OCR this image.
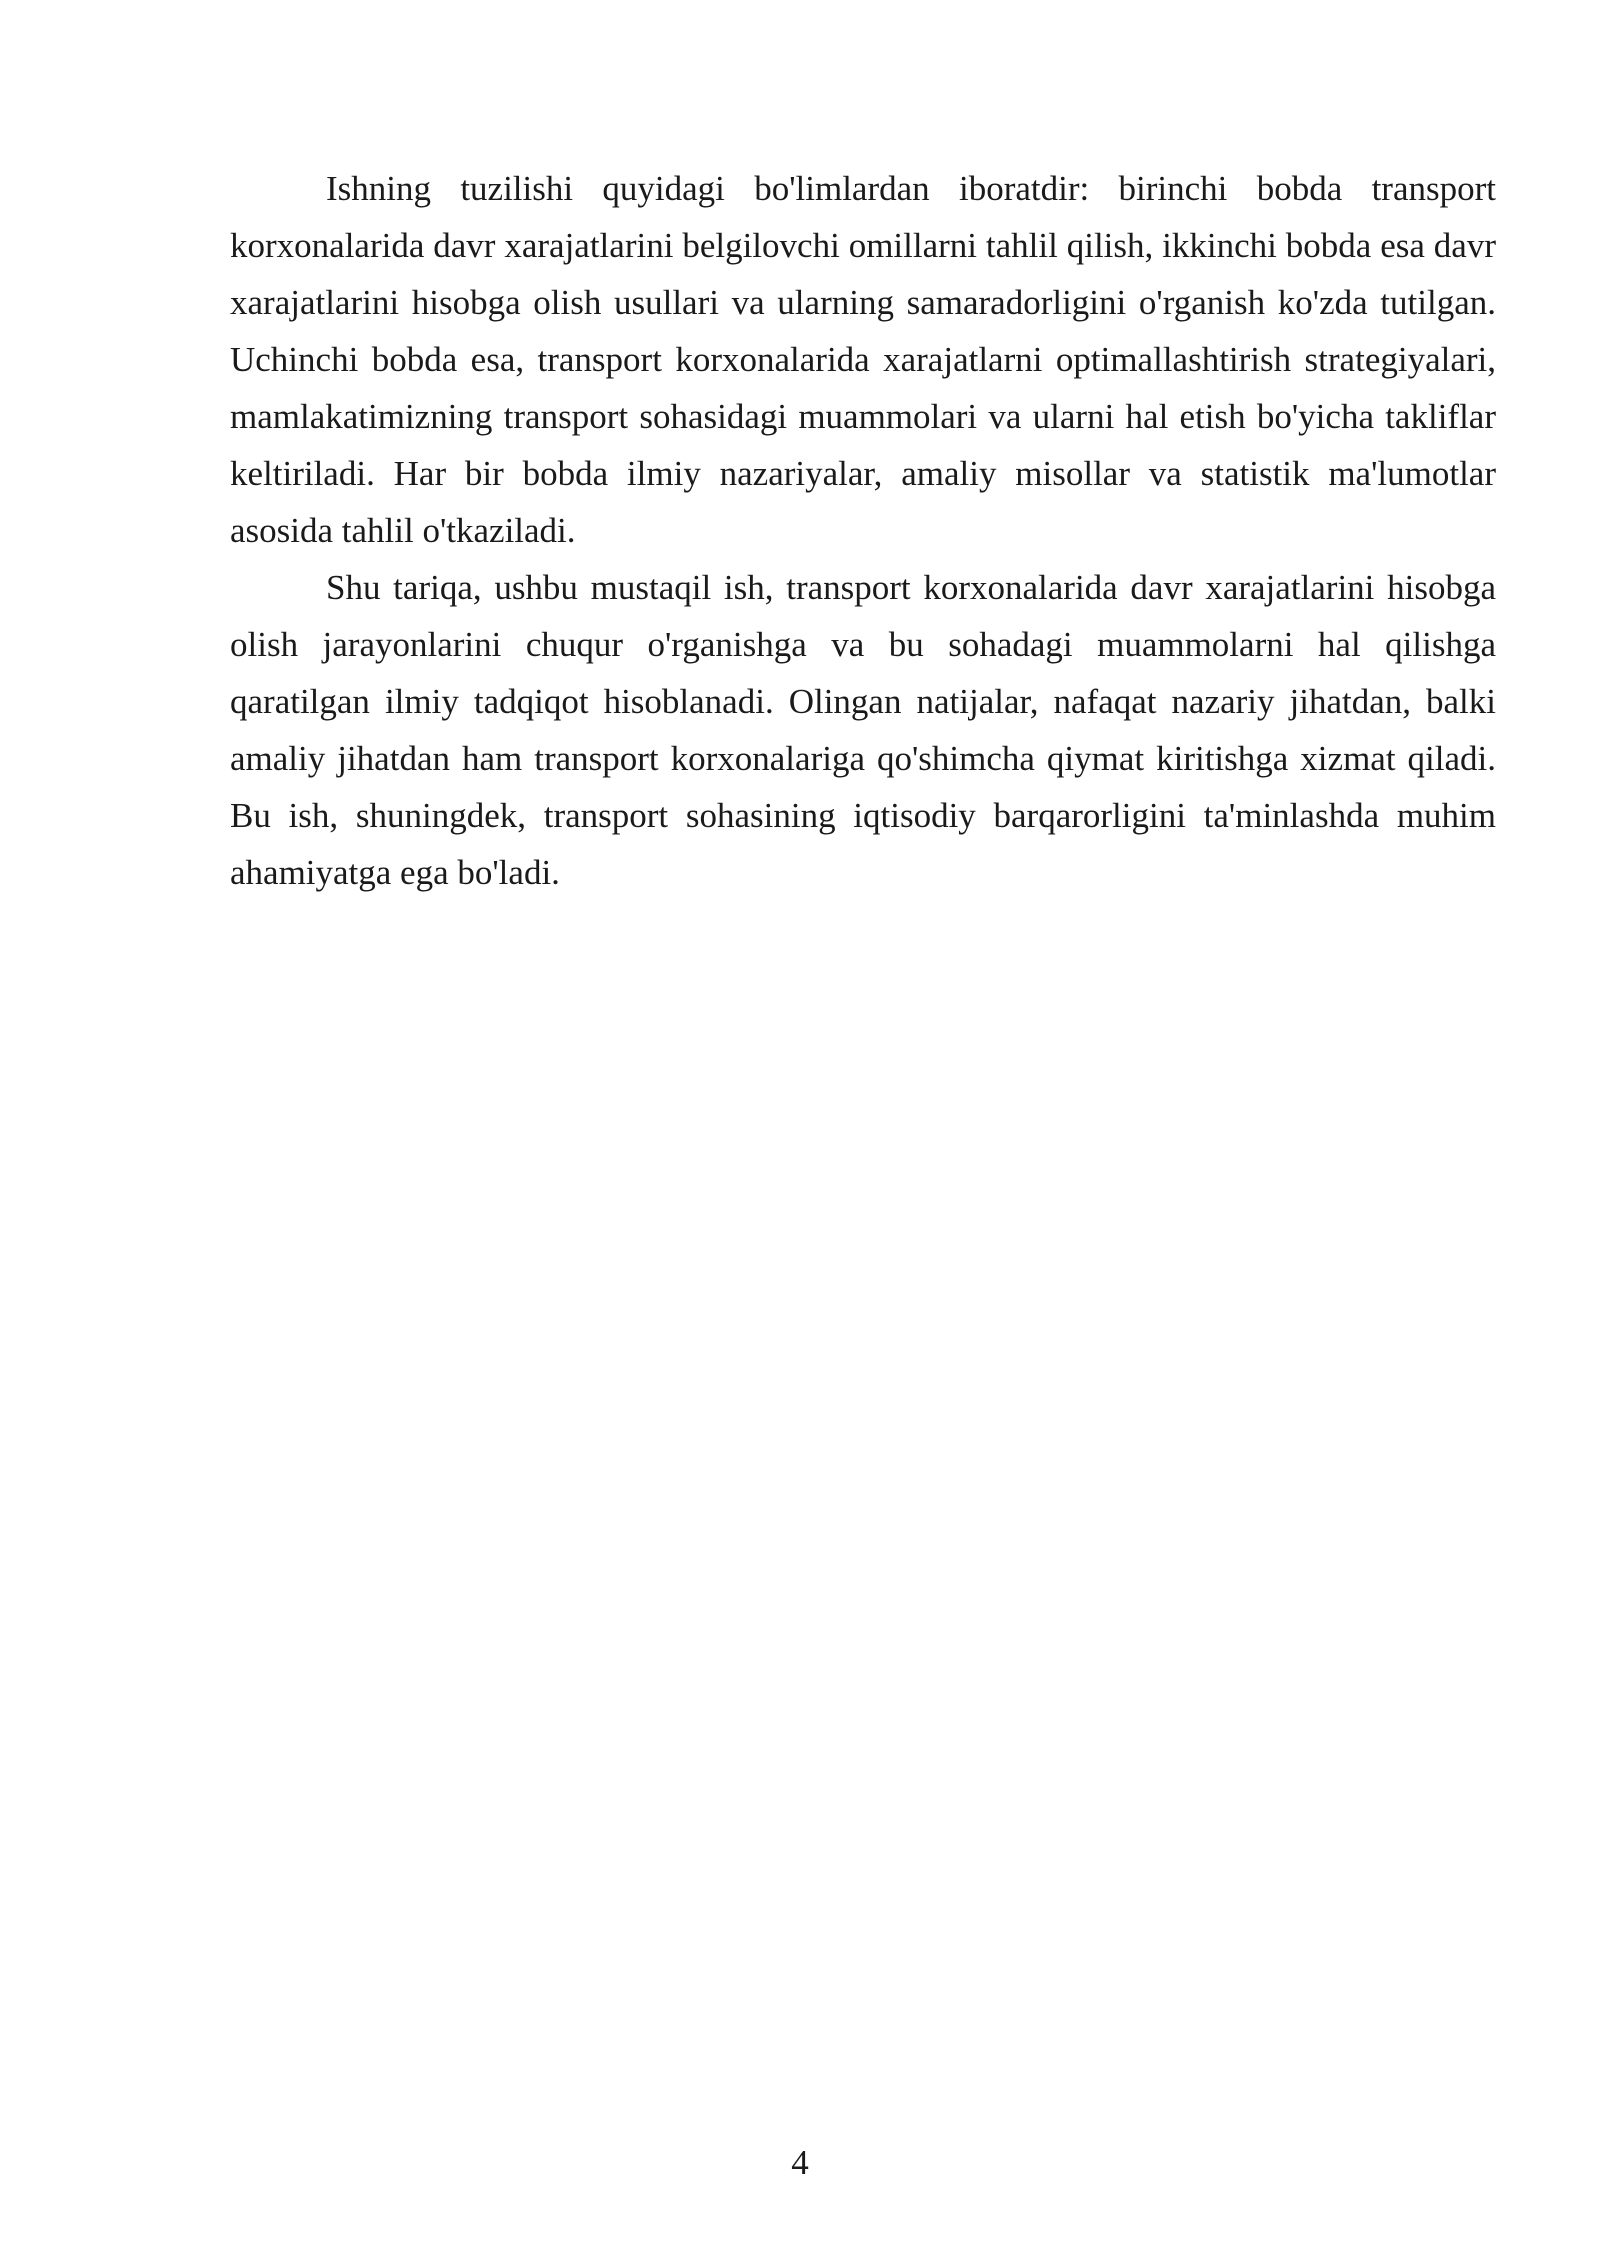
Ishning tuzilishi quyidagi bo'limlardan iboratdir: birinchi bobda transport korxonalarida davr xarajatlarini belgilovchi omillarni tahlil qilish, ikkinchi bobda esa davr xarajatlarini hisobga olish usullari va ularning samaradorligini o'rganish ko'zda tutilgan. Uchinchi bobda esa, transport korxonalarida xarajatlarni optimallashtirish strategiyalari, mamlakatimizning transport sohasidagi muammolari va ularni hal etish bo'yicha takliflar keltiriladi. Har bir bobda ilmiy nazariyalar, amaliy misollar va statistik ma'lumotlar asosida tahlil o'tkaziladi.

Shu tariqa, ushbu mustaqil ish, transport korxonalarida davr xarajatlarini hisobga olish jarayonlarini chuqur o'rganishga va bu sohadagi muammolarni hal qilishga qaratilgan ilmiy tadqiqot hisoblanadi. Olingan natijalar, nafaqat nazariy jihatdan, balki amaliy jihatdan ham transport korxonalariga qo'shimcha qiymat kiritishga xizmat qiladi. Bu ish, shuningdek, transport sohasining iqtisodiy barqarorligini ta'minlashda muhim ahamiyatga ega bo'ladi.

4
